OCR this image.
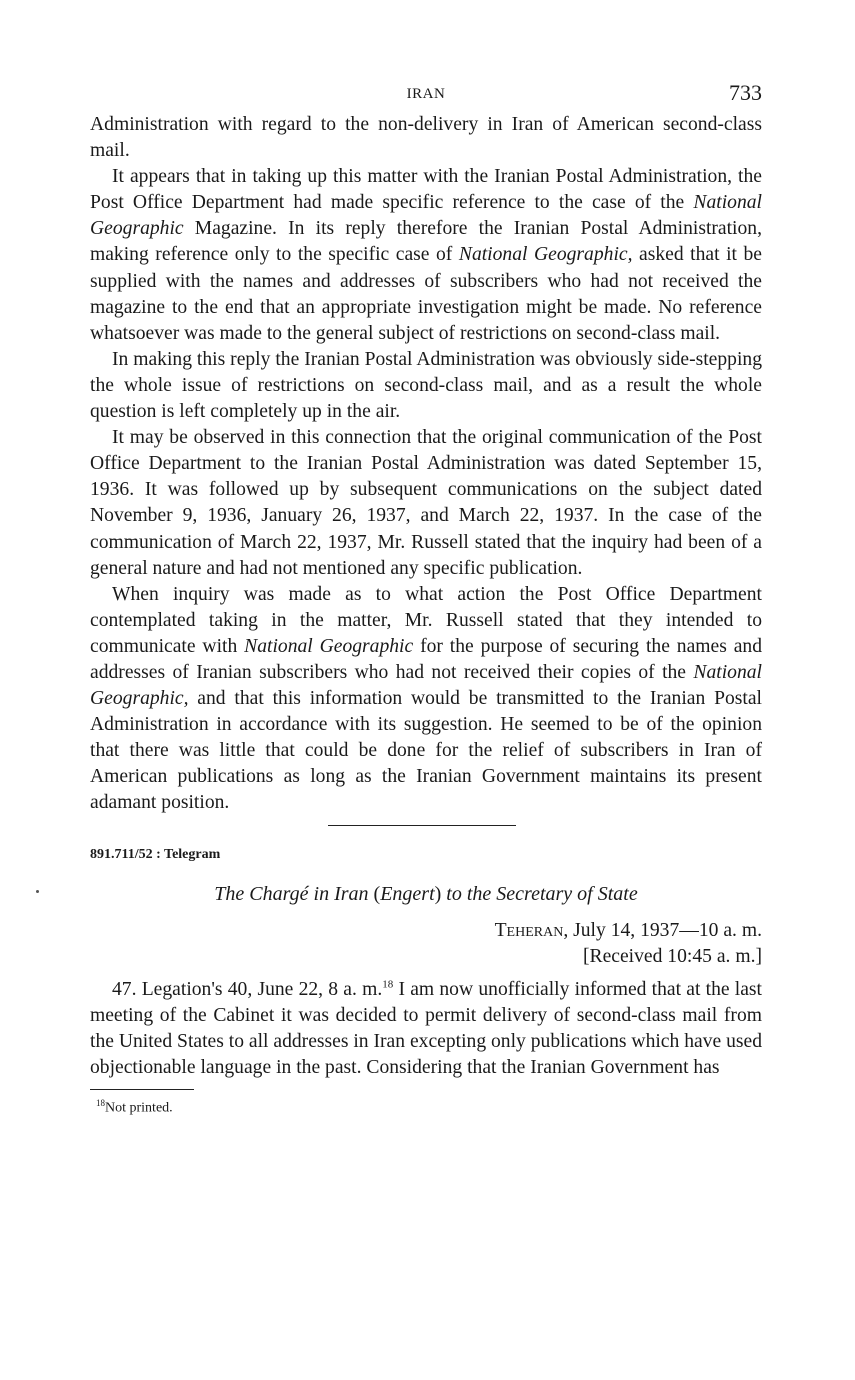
IRAN	733

Administration with regard to the non-delivery in Iran of American second-class mail.

It appears that in taking up this matter with the Iranian Postal Administration, the Post Office Department had made specific reference to the case of the National Geographic Magazine. In its reply therefore the Iranian Postal Administration, making reference only to the specific case of National Geographic, asked that it be supplied with the names and addresses of subscribers who had not received the magazine to the end that an appropriate investigation might be made. No reference whatsoever was made to the general subject of restrictions on second-class mail.

In making this reply the Iranian Postal Administration was obviously side-stepping the whole issue of restrictions on second-class mail, and as a result the whole question is left completely up in the air.

It may be observed in this connection that the original communication of the Post Office Department to the Iranian Postal Administration was dated September 15, 1936. It was followed up by subsequent communications on the subject dated November 9, 1936, January 26, 1937, and March 22, 1937. In the case of the communication of March 22, 1937, Mr. Russell stated that the inquiry had been of a general nature and had not mentioned any specific publication.

When inquiry was made as to what action the Post Office Department contemplated taking in the matter, Mr. Russell stated that they intended to communicate with National Geographic for the purpose of securing the names and addresses of Iranian subscribers who had not received their copies of the National Geographic, and that this information would be transmitted to the Iranian Postal Administration in accordance with its suggestion. He seemed to be of the opinion that there was little that could be done for the relief of subscribers in Iran of American publications as long as the Iranian Government maintains its present adamant position.

891.711/52 : Telegram
The Chargé in Iran (Engert) to the Secretary of State
Teheran, July 14, 1937—10 a. m.
[Received 10:45 a. m.]

47. Legation's 40, June 22, 8 a. m.$^{18}$ I am now unofficially informed that at the last meeting of the Cabinet it was decided to permit delivery of second-class mail from the United States to all addresses in Iran excepting only publications which have used objectionable language in the past. Considering that the Iranian Government has

$^{18}$Not printed.
